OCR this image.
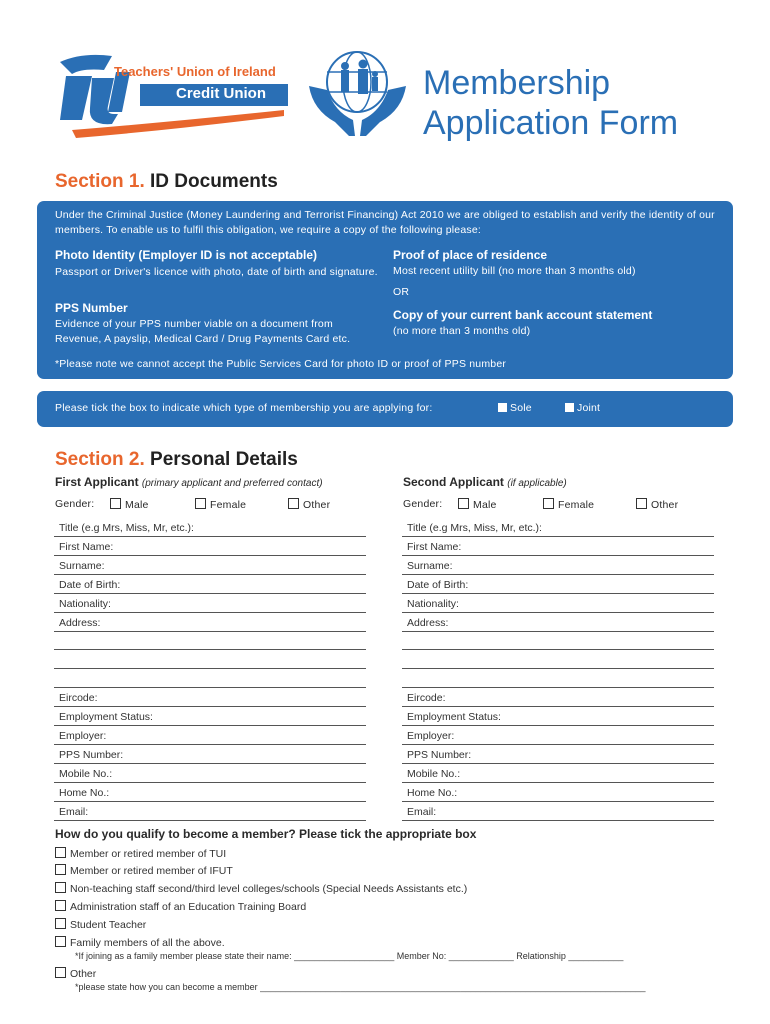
Teachers' Union of Ireland
Credit Union	Membership
Application Form
Section 1. ID Documents
Under the Criminal Justice (Money Laundering and Terrorist Financing) Act 2010 we are obliged to establish and verify the identity of our members. To enable us to fulfil this obligation, we require a copy of the following please:
Photo Identity (Employer ID is not acceptable)
Passport or Driver's licence with photo, date of birth and signature.
PPS Number
Evidence of your PPS number viable on a document from Revenue, A payslip, Medical Card / Drug Payments Card etc.
Proof of place of residence
Most recent utility bill (no more than 3 months old)
OR
Copy of your current bank account statement
(no more than 3 months old)
*Please note we cannot accept the Public Services Card for photo ID or proof of PPS number
Please tick the box to indicate which type of membership you are applying for:	Sole	Joint
Section 2. Personal Details
First Applicant (primary applicant and preferred contact)	Second Applicant (if applicable)
Gender:	Male	Female	Other	Gender:	Male	Female	Other
Title (e.g Mrs, Miss, Mr, etc.):
First Name:
Surname:
Date of Birth:
Nationality:
Address:
Eircode:
Employment Status:
Employer:
PPS Number:
Mobile No.:
Home No.:
Email:
Title (e.g Mrs, Miss, Mr, etc.):
First Name:
Surname:
Date of Birth:
Nationality:
Address:
Eircode:
Employment Status:
Employer:
PPS Number:
Mobile No.:
Home No.:
Email:
How do you qualify to become a member? Please tick the appropriate box
Member or retired member of TUI
Member or retired member of IFUT
Non-teaching staff second/third level colleges/schools (Special Needs Assistants etc.)
Administration staff of an Education Training Board
Student Teacher
Family members of all the above.
*If joining as a family member please state their name: ____________________ Member No: _____________ Relationship ___________
Other
*please state how you can become a member _____________________________________________________________________________
